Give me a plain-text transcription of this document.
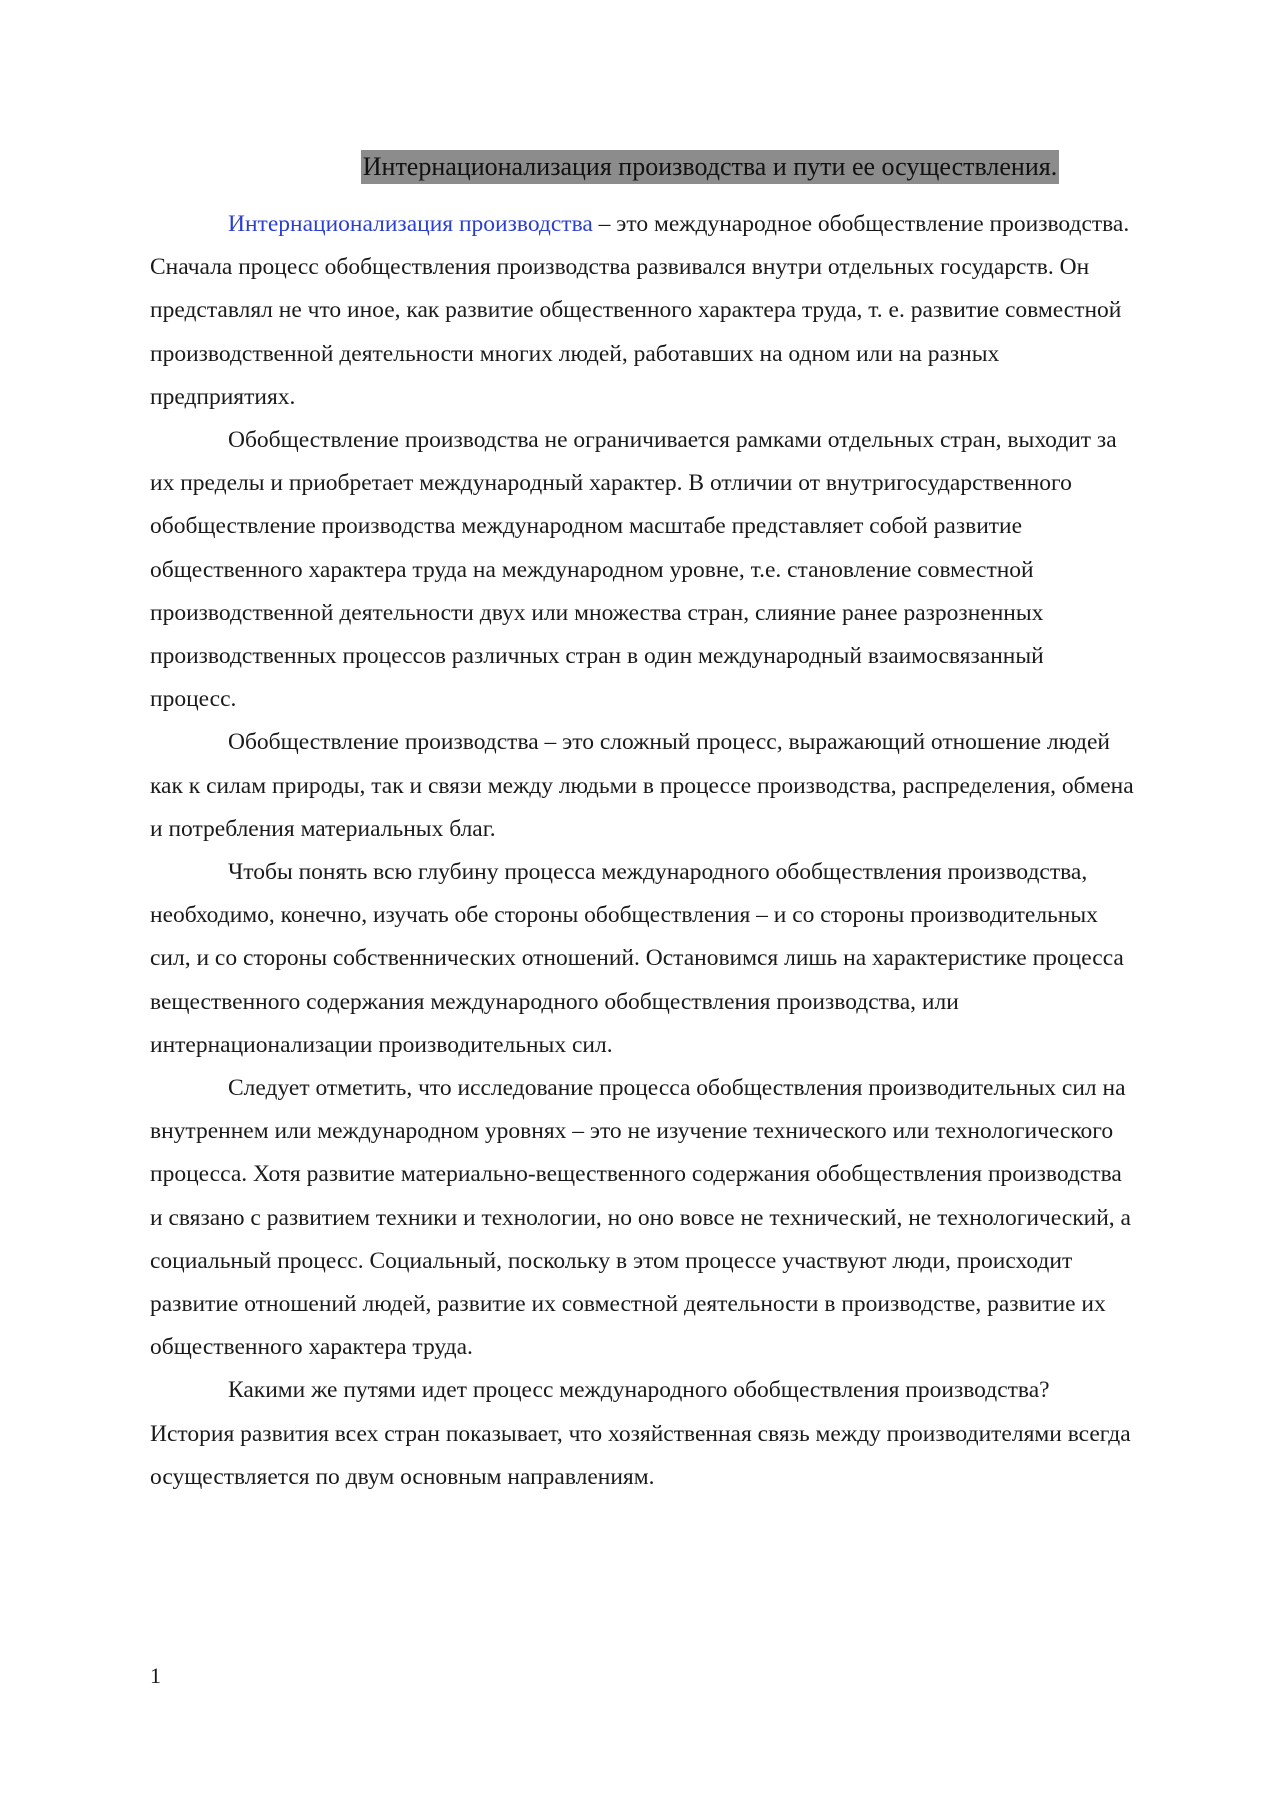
Интернационализация производства и пути ее осуществления.

Интернационализация производства – это международное обобществление производства. Сначала процесс обобществления производства развивался внутри отдельных государств. Он представлял не что иное, как развитие общественного характера труда, т. е. развитие совместной производственной деятельности многих людей, работавших на одном или на разных предприятиях.

Обобществление производства не ограничивается рамками отдельных стран, выходит за их пределы и приобретает международный характер. В отличии от внутригосударственного обобществление производства международном масштабе представляет собой развитие общественного характера труда на международном уровне, т.е. становление совместной производственной деятельности двух или множества стран, слияние ранее разрозненных производственных процессов различных стран в один международный взаимосвязанный процесс.

Обобществление производства – это сложный процесс, выражающий отношение людей как к силам природы, так и связи между людьми в процессе производства, распределения, обмена и потребления материальных благ.

Чтобы понять всю глубину процесса международного обобществления производства, необходимо, конечно, изучать обе стороны обобществления – и со стороны производительных сил, и со стороны собственнических отношений. Остановимся лишь на характеристике процесса вещественного содержания международного обобществления производства, или интернационализации производительных сил.

Следует отметить, что исследование процесса обобществления производительных сил на внутреннем или международном уровнях – это не изучение технического или технологического процесса. Хотя развитие материально-вещественного содержания обобществления производства и связано с развитием техники и технологии, но оно вовсе не технический, не технологический, а социальный процесс. Социальный, поскольку в этом процессе участвуют люди, происходит развитие отношений людей, развитие их совместной деятельности в производстве, развитие их общественного характера труда.

Какими же путями идет процесс международного обобществления производства? История развития всех стран показывает, что хозяйственная связь между производителями всегда осуществляется по двум основным направлениям.

1
